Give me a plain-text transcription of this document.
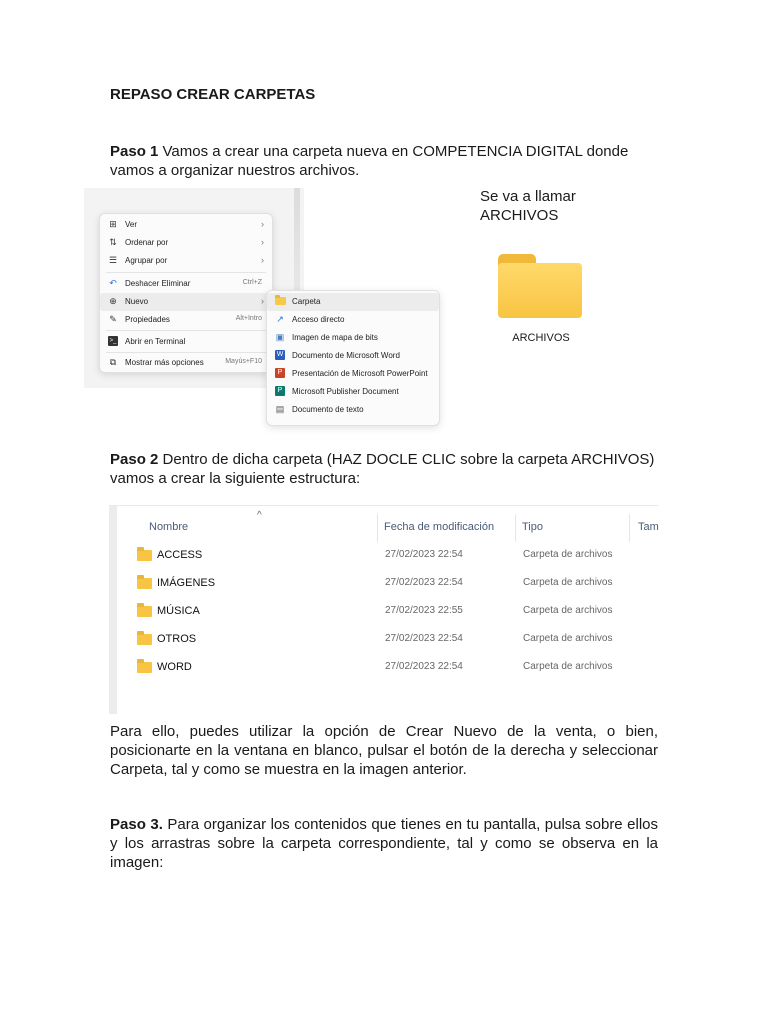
REPASO CREAR CARPETAS
Paso 1 Vamos a crear una carpeta nueva en COMPETENCIA DIGITAL donde vamos a organizar nuestros archivos.
⊞ Ver	›
⇅ Ordenar por	›
☰ Agrupar por	›
↶ Deshacer Eliminar	Ctrl+Z
⊕ Nuevo	›
✎ Propiedades	Alt+Intro
>_ Abrir en Terminal
⧉ Mostrar más opciones	Mayús+F10
Carpeta
↗ Acceso directo
▣ Imagen de mapa de bits
W Documento de Microsoft Word
P	Presentación de Microsoft PowerPoint
P	Microsoft Publisher Document
▤ Documento de texto
Se va a llamar ARCHIVOS
ARCHIVOS
Paso 2 Dentro de dicha carpeta (HAZ DOCLE CLIC sobre la carpeta ARCHIVOS) vamos a crear la siguiente estructura:
^
Nombre	Fecha de modificación	Tipo	Tam
ACCESS	27/02/2023 22:54	Carpeta de archivos
IMÁGENES	27/02/2023 22:54	Carpeta de archivos
MÚSICA	27/02/2023 22:55	Carpeta de archivos
OTROS	27/02/2023 22:54	Carpeta de archivos
WORD	27/02/2023 22:54	Carpeta de archivos
Para ello, puedes utilizar la opción de Crear Nuevo de la venta, o bien, posicionarte en la ventana en blanco, pulsar el botón de la derecha y seleccionar Carpeta, tal y como se muestra en la imagen anterior.
Paso 3. Para organizar los contenidos que tienes en tu pantalla, pulsa sobre ellos y los arrastras sobre la carpeta correspondiente, tal y como se observa en la imagen:
